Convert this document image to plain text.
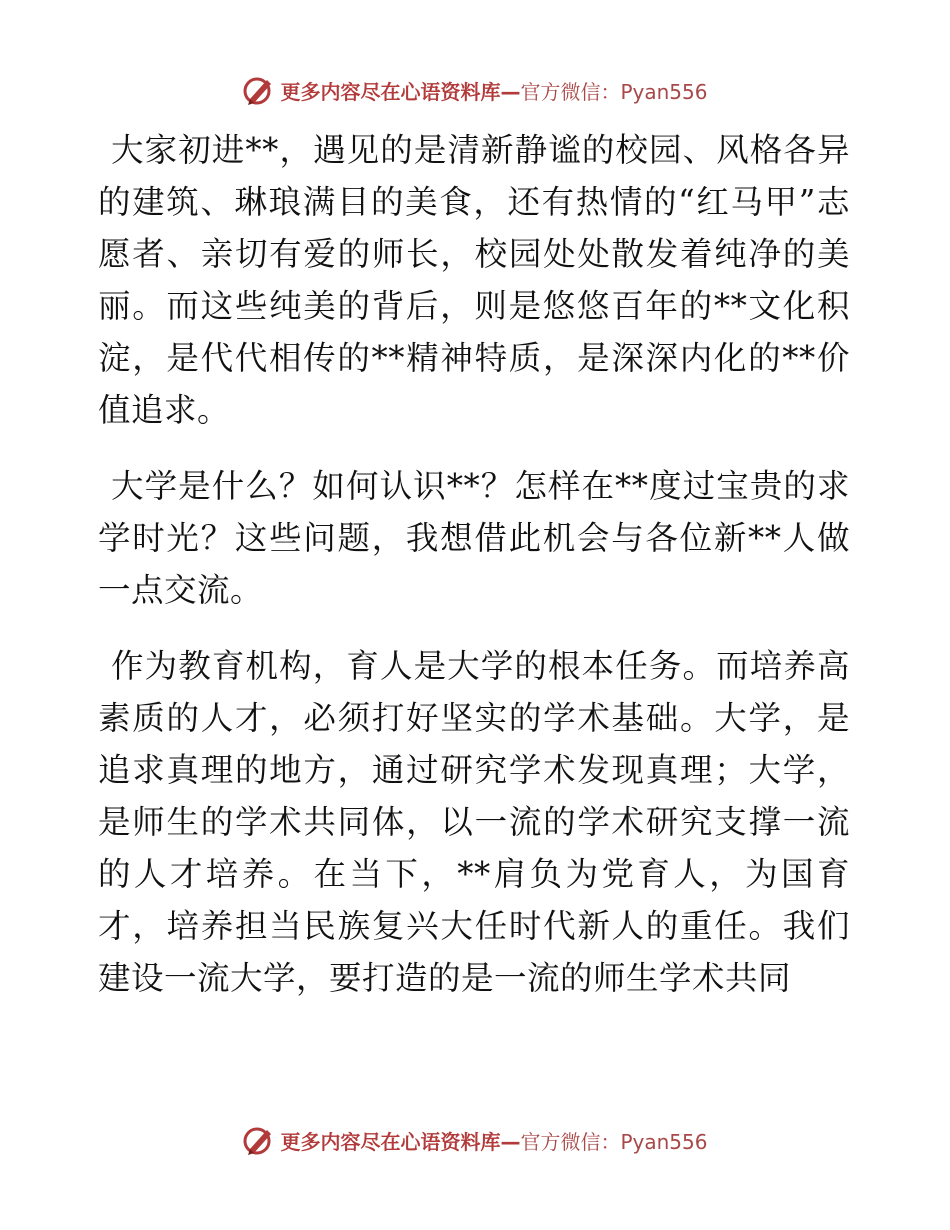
更多内容尽在心语资料库—官方微信：Pyan556

大家初进**，遇见的是清新静谧的校园、风格各异的建筑、琳琅满目的美食，还有热情的“红马甲”志愿者、亲切有爱的师长，校园处处散发着纯净的美丽。而这些纯美的背后，则是悠悠百年的**文化积淀，是代代相传的**精神特质，是深深内化的**价值追求。

大学是什么？如何认识**？怎样在**度过宝贵的求学时光？这些问题，我想借此机会与各位新**人做一点交流。

作为教育机构，育人是大学的根本任务。而培养高素质的人才，必须打好坚实的学术基础。大学，是追求真理的地方，通过研究学术发现真理；大学，是师生的学术共同体，以一流的学术研究支撑一流的人才培养。在当下，**肩负为党育人，为国育才，培养担当民族复兴大任时代新人的重任。我们建设一流大学，要打造的是一流的师生学术共同

更多内容尽在心语资料库—官方微信：Pyan556
